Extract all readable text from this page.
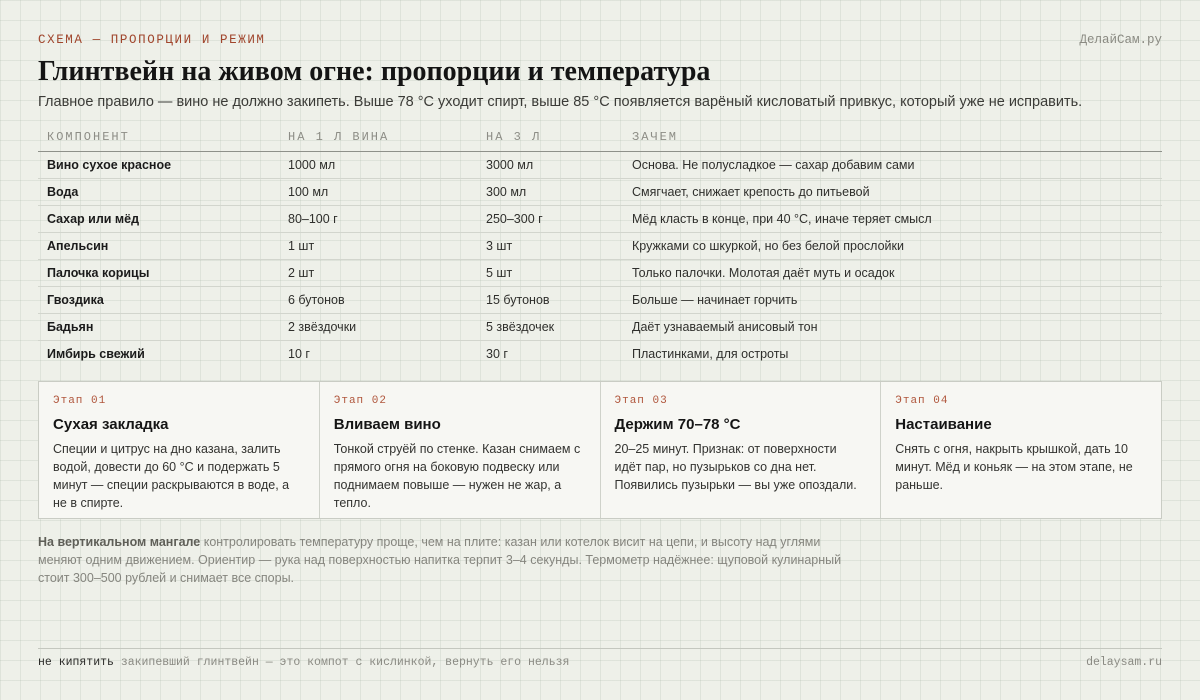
СХЕМА — ПРОПОРЦИИ И РЕЖИМ	ДелайСам.ру
Глинтвейн на живом огне: пропорции и температура
Главное правило — вино не должно закипеть. Выше 78 °C уходит спирт, выше 85 °C появляется варёный кисловатый привкус, который уже не исправить.
КОМПОНЕНТ	НА 1 Л ВИНА	НА 3 Л	ЗАЧЕМ
Вино сухое красное	1000 мл	3000 мл	Основа. Не полусладкое — сахар добавим сами
Вода	100 мл	300 мл	Смягчает, снижает крепость до питьевой
Сахар или мёд	80–100 г	250–300 г	Мёд класть в конце, при 40 °C, иначе теряет смысл
Апельсин	1 шт	3 шт	Кружками со шкуркой, но без белой прослойки
Палочка корицы	2 шт	5 шт	Только палочки. Молотая даёт муть и осадок
Гвоздика	6 бутонов	15 бутонов	Больше — начинает горчить
Бадьян	2 звёздочки	5 звёздочек	Даёт узнаваемый анисовый тон
Имбирь свежий	10 г	30 г	Пластинками, для остроты
Этап 01
Сухая закладка
Специи и цитрус на дно казана, залить водой, довести до 60 °C и подержать 5 минут — специи раскрываются в воде, а не в спирте.
Этап 02
Вливаем вино
Тонкой струёй по стенке. Казан снимаем с прямого огня на боковую подвеску или поднимаем повыше — нужен не жар, а тепло.
Этап 03
Держим 70–78 °C
20–25 минут. Признак: от поверхности идёт пар, но пузырьков со дна нет. Появились пузырьки — вы уже опоздали.
Этап 04
Настаивание
Снять с огня, накрыть крышкой, дать 10 минут. Мёд и коньяк — на этом этапе, не раньше.
На вертикальном мангале контролировать температуру проще, чем на плите: казан или котелок висит на цепи, и высоту над углями меняют одним движением. Ориентир — рука над поверхностью напитка терпит 3–4 секунды. Термометр надёжнее: щуповой кулинарный стоит 300–500 рублей и снимает все споры.
не кипятить закипевший глинтвейн — это компот с кислинкой, вернуть его нельзя	delaysam.ru
